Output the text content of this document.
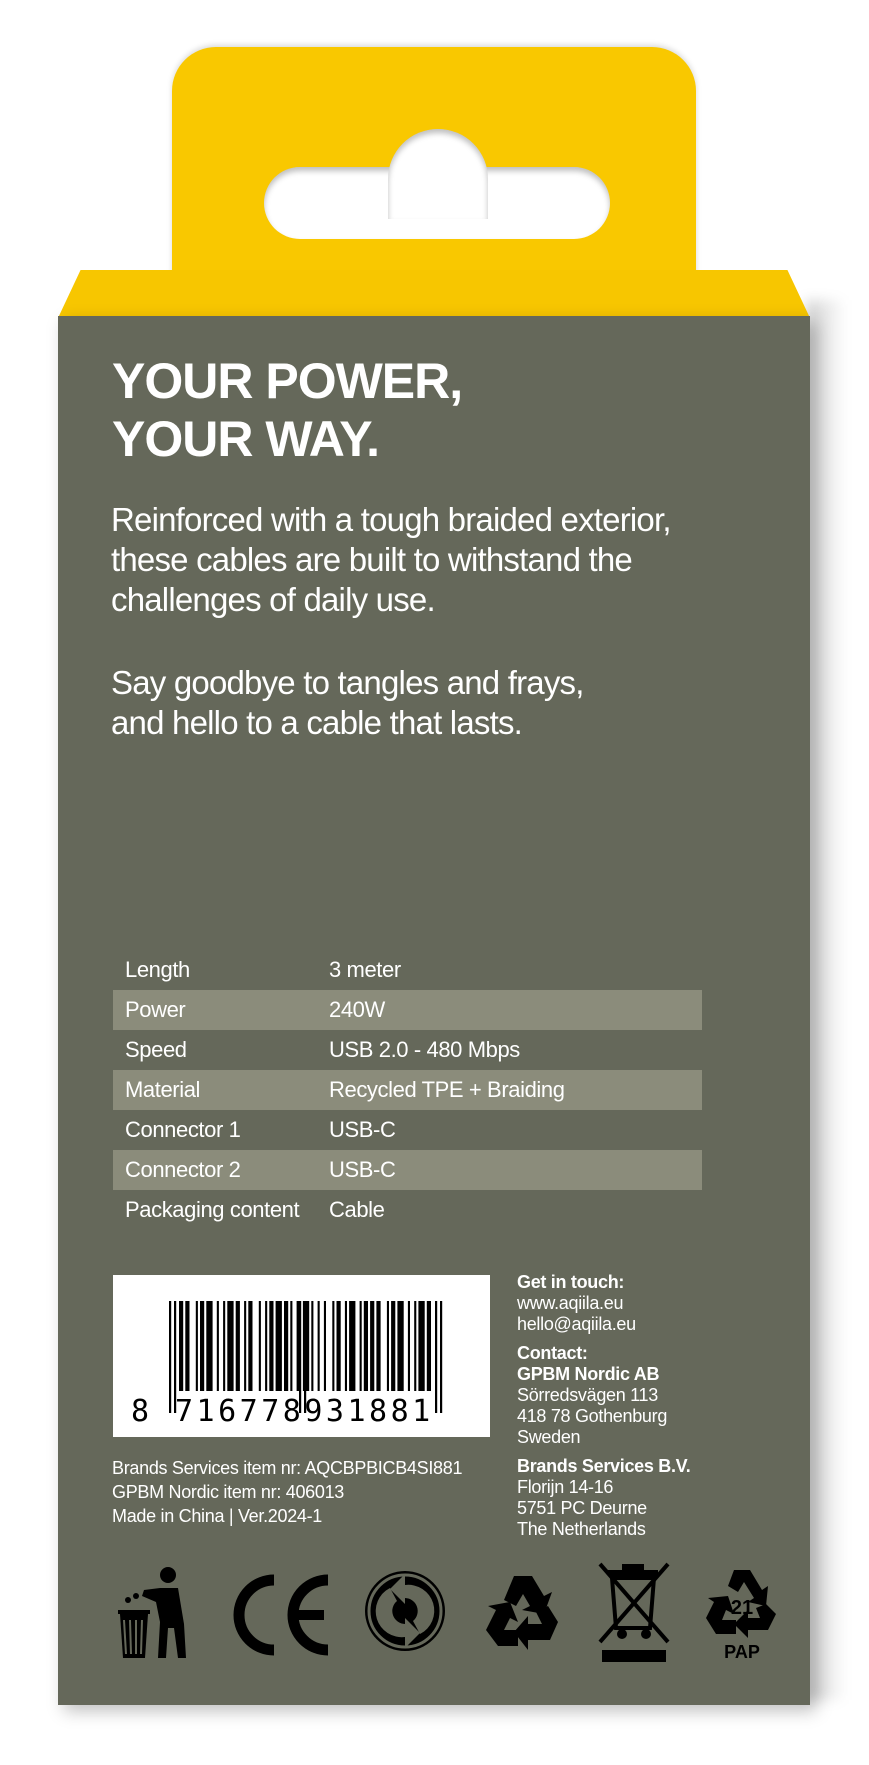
YOUR POWER,
YOUR WAY.

Reinforced with a tough braided exterior,
these cables are built to withstand the
challenges of daily use.

Say goodbye to tangles and frays,
and hello to a cable that lasts.

Length	3 meter
Power	240W
Speed	USB 2.0 - 480 Mbps
Material	Recycled TPE + Braiding
Connector 1	USB-C
Connector 2	USB-C
Packaging content	Cable
8 716778931881
Brands Services item nr: AQCBPBICB4SI881
GPBM Nordic item nr: 406013
Made in China | Ver.2024-1
Get in touch:
www.aqiila.eu
hello@aqiila.eu
Contact:
GPBM Nordic AB
Sörredsvägen 113
418 78 Gothenburg
Sweden
Brands Services B.V.
Florijn 14-16
5751 PC Deurne
The Netherlands
21
PAP
